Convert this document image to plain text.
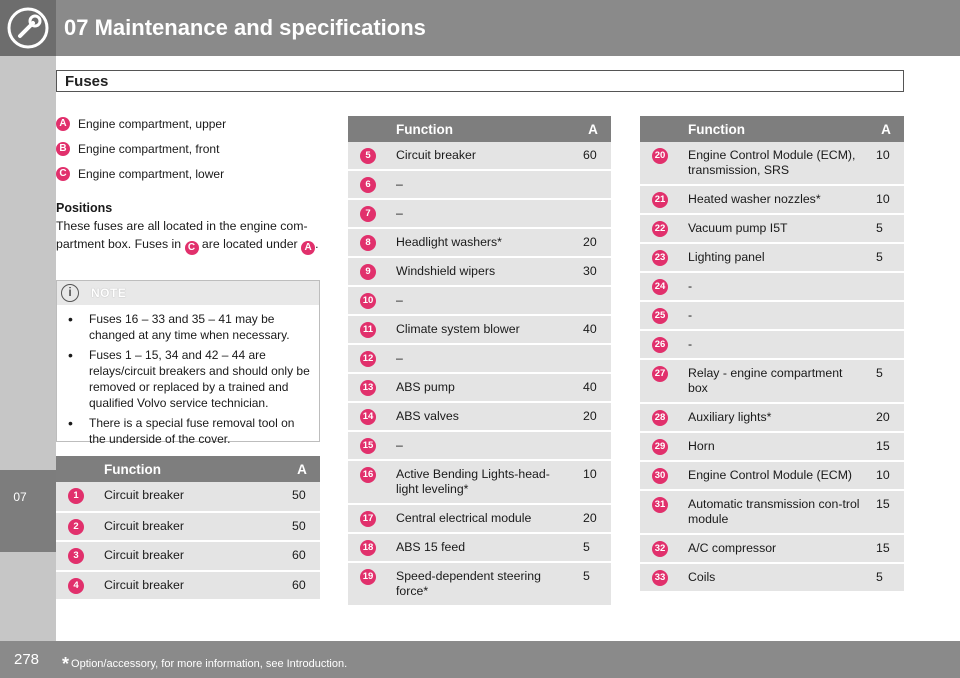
07 Maintenance and specifications
Fuses
07
A Engine compartment, upper
B Engine compartment, front
C Engine compartment, lower
Positions
These fuses are all located in the engine com-partment box. Fuses in C are located under A .
i	NOTE
• Fuses 16 – 33 and 35 – 41 may be changed at any time when necessary.
• Fuses 1 – 15, 34 and 42 – 44 are relays/circuit breakers and should only be removed or replaced by a trained and qualified Volvo service technician.
• There is a special fuse removal tool on the underside of the cover.
	Function	A
1	Circuit breaker	50
2	Circuit breaker	50
3	Circuit breaker	60
4	Circuit breaker	60
	Function	A
5	Circuit breaker	60
6	–	
7	–	
8	Headlight washers*	20
9	Windshield wipers	30
10	–	
11	Climate system blower	40
12	–	
13	ABS pump	40
14	ABS valves	20
15	–	
16	Active Bending Lights-head-light leveling*	10
17	Central electrical module	20
18	ABS 15 feed	5
19	Speed-dependent steering force*	5
	Function	A
20	Engine Control Module (ECM), transmission, SRS	10
21	Heated washer nozzles*	10
22	Vacuum pump I5T	5
23	Lighting panel	5
24	-	
25	-	
26	-	
27	Relay - engine compartment box	5
28	Auxiliary lights*	20
29	Horn	15
30	Engine Control Module (ECM)	10
31	Automatic transmission con-trol module	15
32	A/C compressor	15
33	Coils	5
278 * Option/accessory, for more information, see Introduction.
